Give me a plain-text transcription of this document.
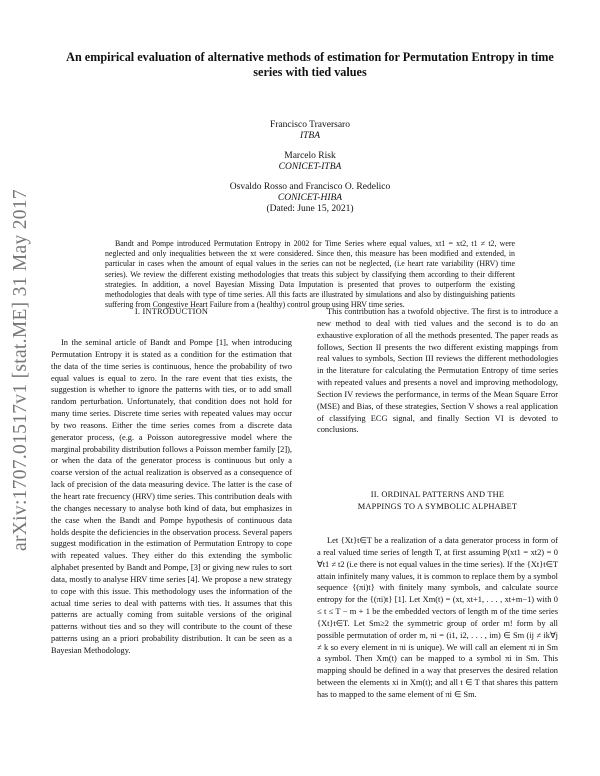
arXiv:1707.01517v1 [stat.ME] 31 May 2017
An empirical evaluation of alternative methods of estimation for Permutation Entropy in time series with tied values
Francisco Traversaro
ITBA
Marcelo Risk
CONICET-ITBA
Osvaldo Rosso and Francisco O. Redelico
CONICET-HIBA
(Dated: June 15, 2021)

Bandt and Pompe introduced Permutation Entropy in 2002 for Time Series where equal values, xt1 = xt2, t1 ≠ t2, were neglected and only inequalities between the xt were considered. Since then, this measure has been modified and extended, in particular in cases when the amount of equal values in the series can not be neglected, (i.e heart rate variability (HRV) time series). We review the different existing methodologies that treats this subject by classifying them according to their different strategies. In addition, a novel Bayesian Missing Data Imputation is presented that proves to outperform the existing methodologies that deals with type of time series. All this facts are illustrated by simulations and also by distinguishing patients suffering from Congestive Heart Failure from a (healthy) control group using HRV time series.

I. INTRODUCTION

In the seminal article of Bandt and Pompe [1], when introducing Permutation Entropy it is stated as a condition for the estimation that the data of the time series is continuous, hence the probability of two equal values is equal to zero. In the rare event that ties exists, the suggestion is whether to ignore the patterns with ties, or to add small random perturbation. Unfortunately, that condition does not hold for many time series. Discrete time series with repeated values may occur by two reasons. Either the time series comes from a discrete data generator process, (e.g. a Poisson autoregressive model where the marginal probability distribution follows a Poisson member family [2]), or when the data of the generator process is continuous but only a coarse version of the actual realization is observed as a consequence of lack of precision of the data measuring device. The latter is the case of the heart rate frecuency (HRV) time series. This contribution deals with the changes necessary to analyse both kind of data, but emphasizes in the case when the Bandt and Pompe hypothesis of continuous data holds despite the deficiencies in the observation process. Several papers suggest modification in the estimation of Permutation Entropy to cope with repeated values. They either do this extending the symbolic alphabet presented by Bandt and Pompe, [3] or giving new rules to sort data, mostly to analyse HRV time series [4]. We propose a new strategy to cope with this issue. This methodology uses the information of the actual time series to deal with patterns with ties. It assumes that this patterns are actually coming from suitable versions of the original patterns without ties and so they will contribute to the count of these patterns using an a priori probability distribution. It can be seen as a Bayesian Methodology.

This contribution has a twofold objective. The first is to introduce a new method to deal with tied values and the second is to do an exhaustive exploration of all the methods presented. The paper reads as follows, Section II presents the two different existing mappings from real values to symbols, Section III reviews the different methodologies in the literature for calculating the Permutation Entropy of time series with repeated values and presents a novel and improving methodology, Section IV reviews the performance, in terms of the Mean Square Error (MSE) and Bias, of these strategies, Section V shows a real application of classifying ECG signal, and finally Section VI is devoted to conclusions.

II. ORDINAL PATTERNS AND THE

MAPPINGS TO A SYMBOLIC ALPHABET

Let {Xt}t∈T be a realization of a data generator process in form of a real valued time series of length T, at first assuming P(xt1 = xt2) = 0 ∀t1 ≠ t2 (i.e there is not equal values in the time series). If the {Xt}t∈T attain infinitely many values, it is common to replace them by a symbol sequence {(πi)t} with finitely many symbols, and calculate source entropy for the {(πi)t} [1]. Let Xm(t) = (xt, xt+1, . . . , xt+m−1) with 0 ≤ t ≤ T − m + 1 be the embedded vectors of length m of the time series {Xt}t∈T. Let Sm≥2 the symmetric group of order m! form by all possible permutation of order m, πi = (i1, i2, . . . , im) ∈ Sm (ij ≠ ik∀j ≠ k so every element in πi is unique). We will call an element πi in Sm a symbol. Then Xm(t) can be mapped to a symbol πi in Sm. This mapping should be defined in a way that preserves the desired relation between the elements xi in Xm(t); and all t ∈ T that shares this pattern has to mapped to the same element of πi ∈ Sm.
